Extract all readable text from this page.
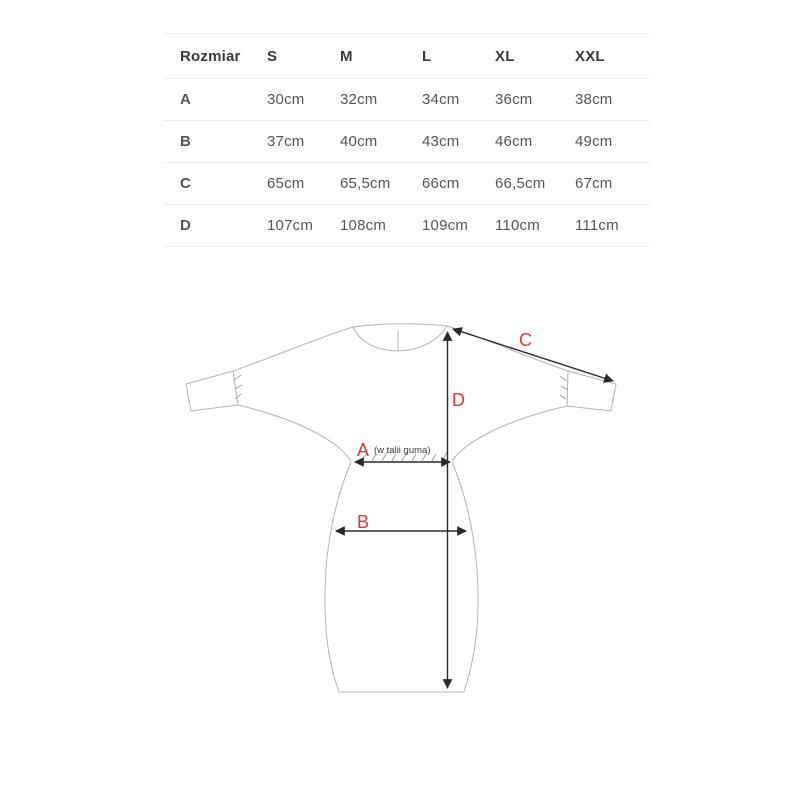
Rozmiar	S	M	L	XL	XXL
A	30cm	32cm	34cm	36cm	38cm
B	37cm	40cm	43cm	46cm	49cm
C	65cm	65,5cm	66cm	66,5cm	67cm
D	107cm	108cm	109cm	110cm	111cm
A
B
C
D
(w talii guma)
